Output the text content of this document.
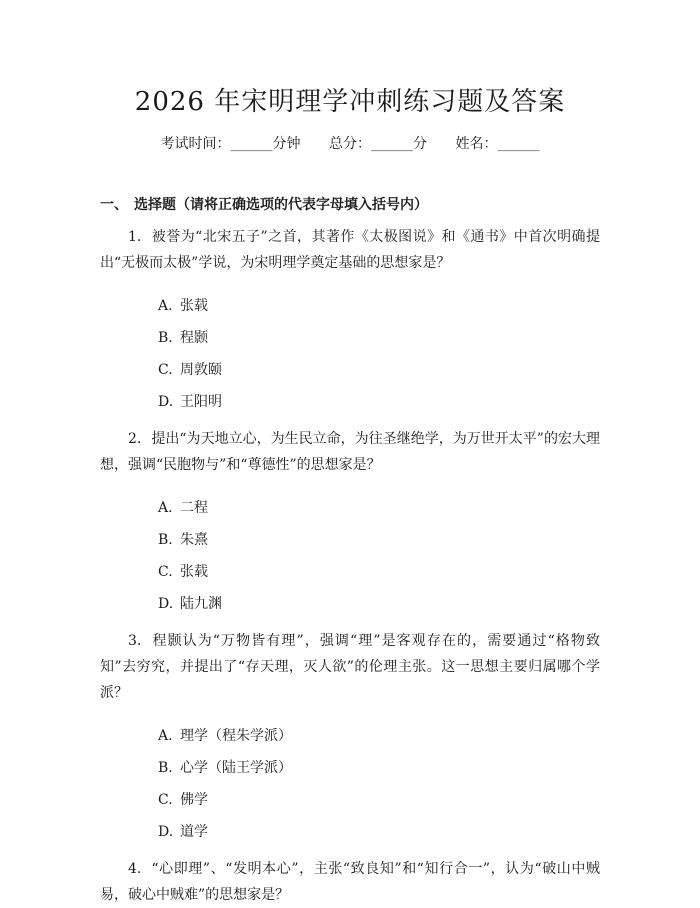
2026 年宋明理学冲刺练习题及答案
考试时间：______分钟 总分：______分 姓名：______
一、 选择题（请将正确选项的代表字母填入括号内）

1. 被誉为“北宋五子”之首，其著作《太极图说》和《通书》中首次明确提出“无极而太极”学说，为宋明理学奠定基础的思想家是？

A. 张载
B. 程颢
C. 周敦颐
D. 王阳明

2. 提出“为天地立心，为生民立命，为往圣继绝学，为万世开太平”的宏大理想，强调“民胞物与”和“尊德性”的思想家是？

A. 二程
B. 朱熹
C. 张载
D. 陆九渊

3. 程颢认为“万物皆有理”，强调“理”是客观存在的，需要通过“格物致知”去穷究，并提出了“存天理，灭人欲”的伦理主张。这一思想主要归属哪个学派？

A. 理学（程朱学派）
B. 心学（陆王学派）
C. 佛学
D. 道学

4. “心即理”、“发明本心”，主张“致良知”和“知行合一”，认为“破山中贼易，破心中贼难”的思想家是？
